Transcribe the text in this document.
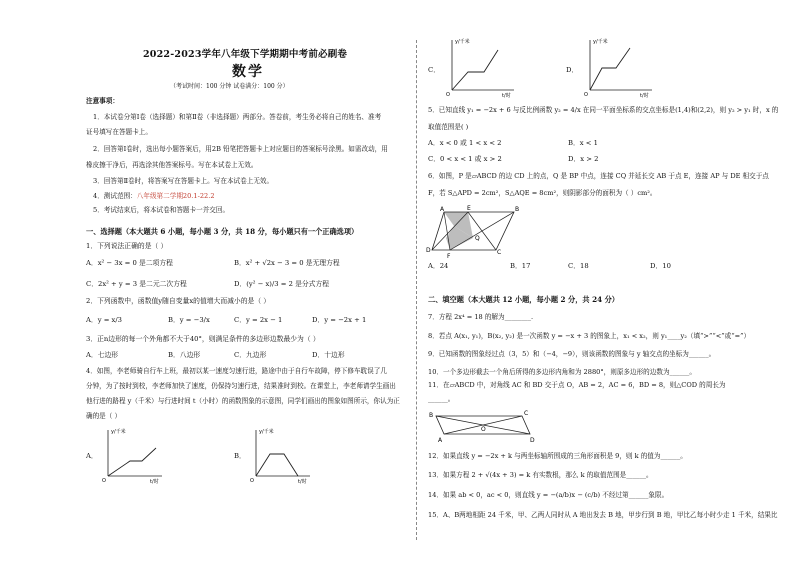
2022-2023学年八年级下学期期中考前必刷卷
数学
（考试时间：100 分钟 试卷满分：100 分）
注意事项：
1．本试卷分第Ⅰ卷（选择题）和第Ⅱ卷（非选择题）两部分。答卷前，考生务必将自己的姓名、准考
证号填写在答题卡上。
2．回答第Ⅰ卷时，选出每小题答案后，用2B 铅笔把答题卡上对应题目的答案标号涂黑。如需改动，用
橡皮擦干净后，再选涂其他答案标号。写在本试卷上无效。
3．回答第Ⅱ卷时，将答案写在答题卡上。写在本试卷上无效。
4．测试范围：八年级第二学期20.1-22.2
5．考试结束后，将本试卷和答题卡一并交回。
一、选择题（本大题共 6 小题，每小题 3 分，共 18 分，每小题只有一个正确选项）
1．下列说法正确的是（ ）
A．x² − 3x = 0 是二项方程	B．x² + √2x − 3 = 0 是无理方程
C．2x² + y = 3 是二元二次方程	D．(y² − x)/3 = 2 是分式方程
2．下列函数中，函数值y随自变量x的值增大而减小的是（ ）
A．y = x/3	B．y = −3/x	C．y = 2x − 1	D．y = −2x + 1
3．正n边形的每一个外角都不大于40°，则满足条件的多边形边数最少为（ ）
A．七边形	B．八边形	C．九边形	D．十边形
4．如图，李老师骑自行车上班，最初以某一速度匀速行进，路途中由于自行车故障，停下修车耽误了几
分钟，为了按时到校，李老师加快了速度，仍保持匀速行进，结果准时到校。在课堂上，李老师请学生画出
他行进的路程 y（千米）与行进时间 t（小时）的函数图象的示意图，同学们画出的图象如图所示，你认为正
确的是（ ）
A．
y/千米
t/时
O
B．
y/千米
t/时
O
C．
y/千米
t/时
O
D．
y/千米
t/时
O
5．已知直线 y₁ = −2x + 6 与反比例函数 y₂ = 4/x 在同一平面坐标系的交点坐标是(1,4)和(2,2)，则 y₂ > y₁ 时，x 的
取值范围是( )
A．x < 0 或 1 < x < 2	B．x < 1
C．0 < x < 1 或 x > 2	D．x > 2
6．如图，P 是▱ABCD 的边 CD 上的点，Q 是 BP 中点，连接 CQ 并延长交 AB 于点 E，连接 AP 与 DE 相交于点
F，若 S△APD = 2cm²，S△AQE = 8cm²，则阴影部分的面积为（ ）cm²。
A	E	B
Q
D
F
C
A．24	B．17	C．18	D．10
二、填空题（本大题共 12 小题，每小题 2 分，共 24 分）
7．方程 2x⁴ = 18 的解为________.
8．若点 A(x₁, y₁)，B(x₂, y₂) 是一次函数 y = −x + 3 的图象上，x₁ < x₂，则 y₁____y₂（填“>”“<”或“=”）
9．已知函数的图象经过点（3，5）和（−4，−9），则该函数的图象与 y 轴交点的坐标为______。
10．一个多边形截去一个角后所得的多边形内角和为 2880°，则原多边形的边数为______。
11．在▱ABCD 中，对角线 AC 和 BD 交于点 O，AB = 2，AC = 6，BD = 8，则△COD 的周长为
______。
B	C
O
A	D
12．如果直线 y = −2x + k 与两坐标轴所围成的三角形面积是 9，则 k 的值为______。
13．如果方程 2 + √(4x + 3) = k 有实数根，那么 k 的取值范围是______。
14．如果 ab < 0，ac < 0，则直线 y = −(a/b)x − (c/b) 不经过第______象限。
15．A、B两地相距 24 千米，甲、乙两人同时从 A 地出发去 B 地，甲步行到 B 地，甲比乙每小时少走 1 千米，结果比
